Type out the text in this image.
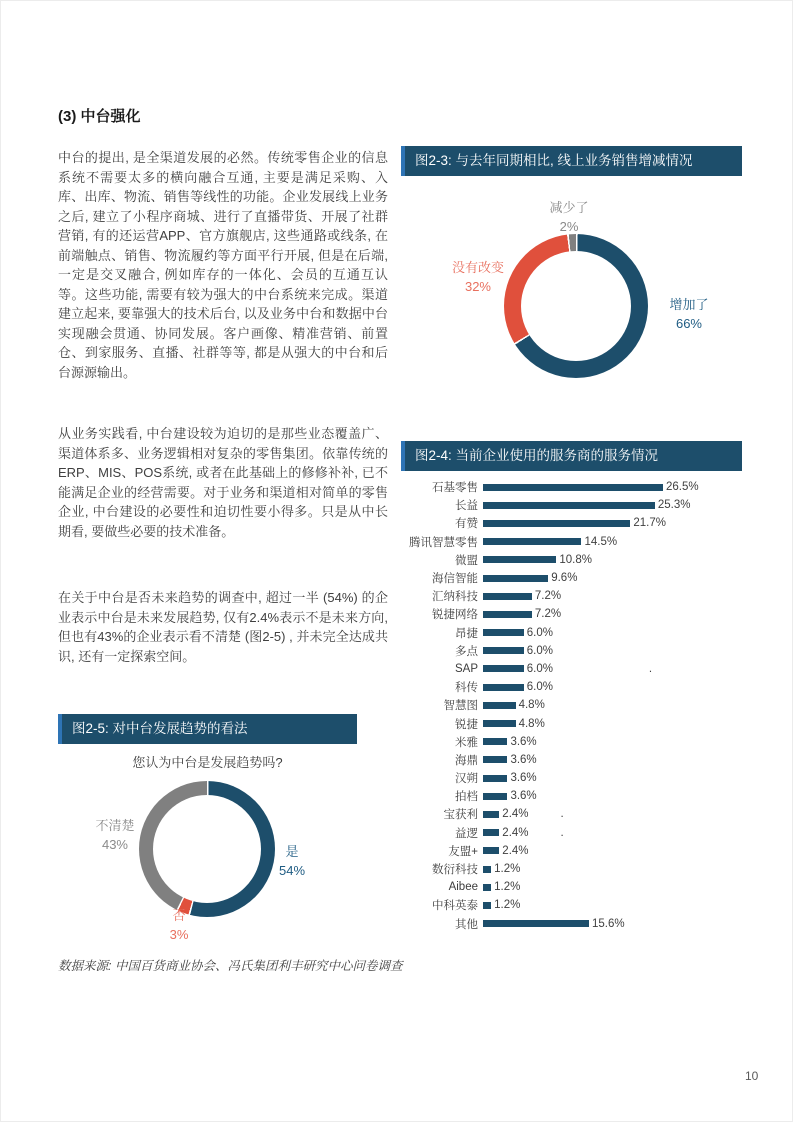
(3) 中台强化
中台的提出, 是全渠道发展的必然。传统零售企业的信息系统不需要太多的横向融合互通, 主要是满足采购、入库、出库、物流、销售等线性的功能。企业发展线上业务之后, 建立了小程序商城、进行了直播带货、开展了社群营销, 有的还运营APP、官方旗舰店, 这些通路或线条, 在前端触点、销售、物流履约等方面平行开展, 但是在后端, 一定是交叉融合, 例如库存的一体化、会员的互通互认等。这些功能, 需要有较为强大的中台系统来完成。渠道建立起来, 要靠强大的技术后台, 以及业务中台和数据中台实现融会贯通、协同发展。客户画像、精准营销、前置仓、到家服务、直播、社群等等, 都是从强大的中台和后台源源输出。
从业务实践看, 中台建设较为迫切的是那些业态覆盖广、渠道体系多、业务逻辑相对复杂的零售集团。依靠传统的ERP、MIS、POS系统, 或者在此基础上的修修补补, 已不能满足企业的经营需要。对于业务和渠道相对简单的零售企业, 中台建设的必要性和迫切性要小得多。只是从中长期看, 要做些必要的技术准备。
在关于中台是否未来趋势的调查中, 超过一半 (54%) 的企业表示中台是未来发展趋势, 仅有2.4%表示不是未来方向, 但也有43%的企业表示看不清楚 (图2-5) , 并未完全达成共识, 还有一定探索空间。
图2-3: 与去年同期相比, 线上业务销售增减情况
减少了
2%
没有改变
32%
增加了
66%
图2-4: 当前企业使用的服务商的服务情况
石基零售	26.5%
长益	25.3%
有赞	21.7%
腾讯智慧零售	14.5%
微盟	10.8%
海信智能	9.6%
汇纳科技	7.2%
锐捷网络	7.2%
昂捷	6.0%
多点	6.0%
SAP	6.0%                              .
科传	6.0%
智慧图	4.8%
锐捷	4.8%
米雅	3.6%
海鼎	3.6%
汉朔	3.6%
拍档	3.6%
宝获利	2.4%          .
益逻	2.4%          .
友盟+	2.4%
数衍科技	1.2%
Aibee	1.2%
中科英泰	1.2%
其他	15.6%
图2-5: 对中台发展趋势的看法
您认为中台是发展趋势吗?
不清楚
43%	是
54%
否
3%
数据来源: 中国百货商业协会、冯氏集团利丰研究中心问卷调查
10
